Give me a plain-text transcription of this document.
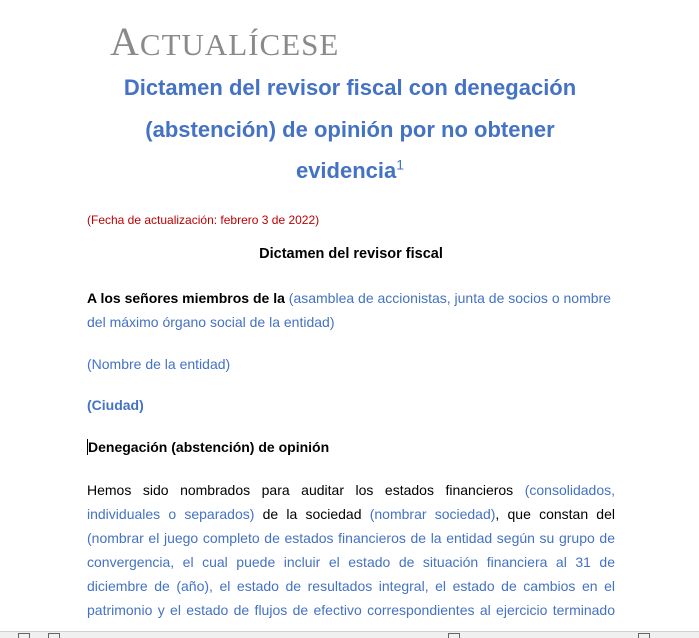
ACTUALÍCESE
Dictamen del revisor fiscal con denegación
(abstención) de opinión por no obtener
evidencia$^1$
(Fecha de actualización: febrero 3 de 2022)
Dictamen del revisor fiscal
A los señores miembros de la (asamblea de accionistas, junta de socios o nombre
del máximo órgano social de la entidad)
(Nombre de la entidad)
(Ciudad)
Denegación (abstención) de opinión
Hemos sido nombrados para auditar los estados financieros (consolidados,
individuales o separados) de la sociedad (nombrar sociedad), que constan del
(nombrar el juego completo de estados financieros de la entidad según su grupo de
convergencia, el cual puede incluir el estado de situación financiera al 31 de
diciembre de (año), el estado de resultados integral, el estado de cambios en el
patrimonio y el estado de flujos de efectivo correspondientes al ejercicio terminado
